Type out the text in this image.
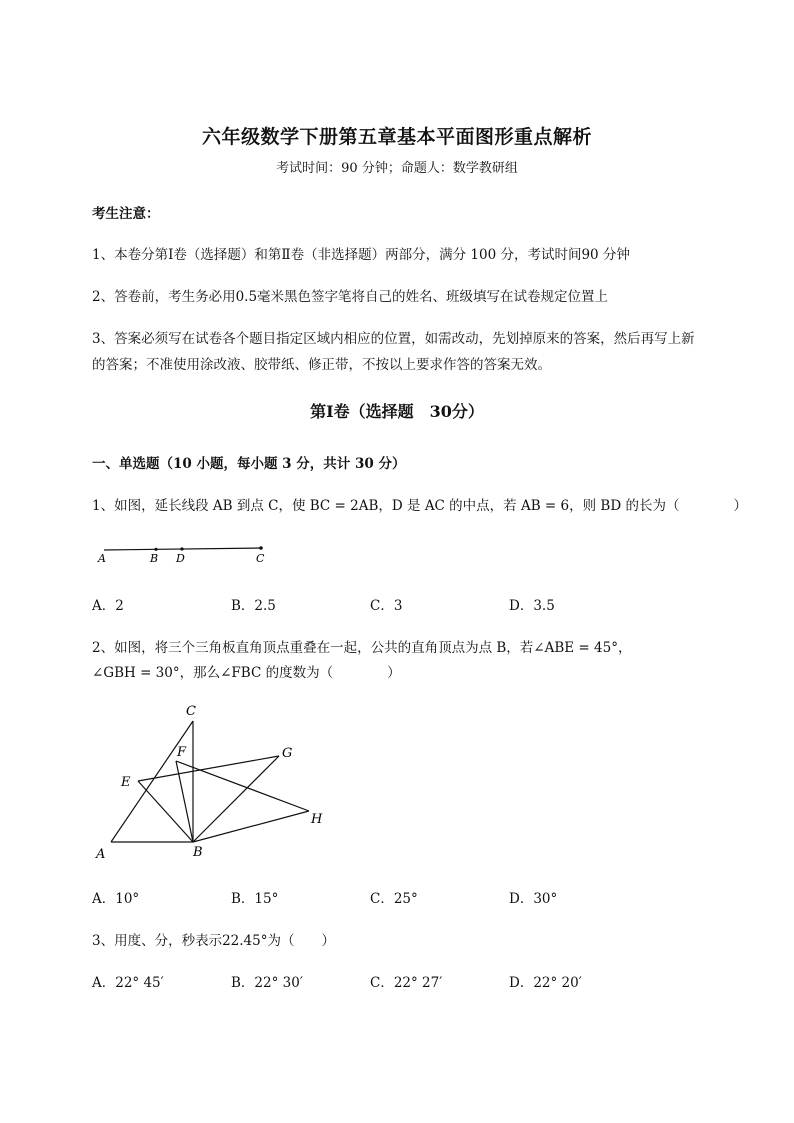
六年级数学下册第五章基本平面图形重点解析
考试时间：90 分钟；命题人：数学教研组
考生注意：
1、本卷分第Ⅰ卷（选择题）和第Ⅱ卷（非选择题）两部分，满分 100 分，考试时间90 分钟
2、答卷前，考生务必用0.5毫米黑色签字笔将自己的姓名、班级填写在试卷规定位置上
3、答案必须写在试卷各个题目指定区域内相应的位置，如需改动，先划掉原来的答案，然后再写上新
的答案；不准使用涂改液、胶带纸、修正带，不按以上要求作答的答案无效。
第Ⅰ卷（选择题　30分）
一、单选题（10 小题，每小题 3 分，共计 30 分）
1、如图，延长线段 AB 到点 C，使 BC = 2AB，D 是 AC 的中点，若 AB = 6，则 BD 的长为（　　　　）
A	B D	C
A．2	B．2.5	C．3	D．3.5
2、如图，将三个三角板直角顶点重叠在一起，公共的直角顶点为点 B，若∠ABE = 45°，
∠GBH = 30°，那么∠FBC 的度数为（　　　　）
C
F	G
E
H
A	B
A．10°	B．15°	C．25°	D．30°
3、用度、分，秒表示22.45°为（　　）
A．22° 45′	B．22° 30′	C．22° 27′	D．22° 20′
